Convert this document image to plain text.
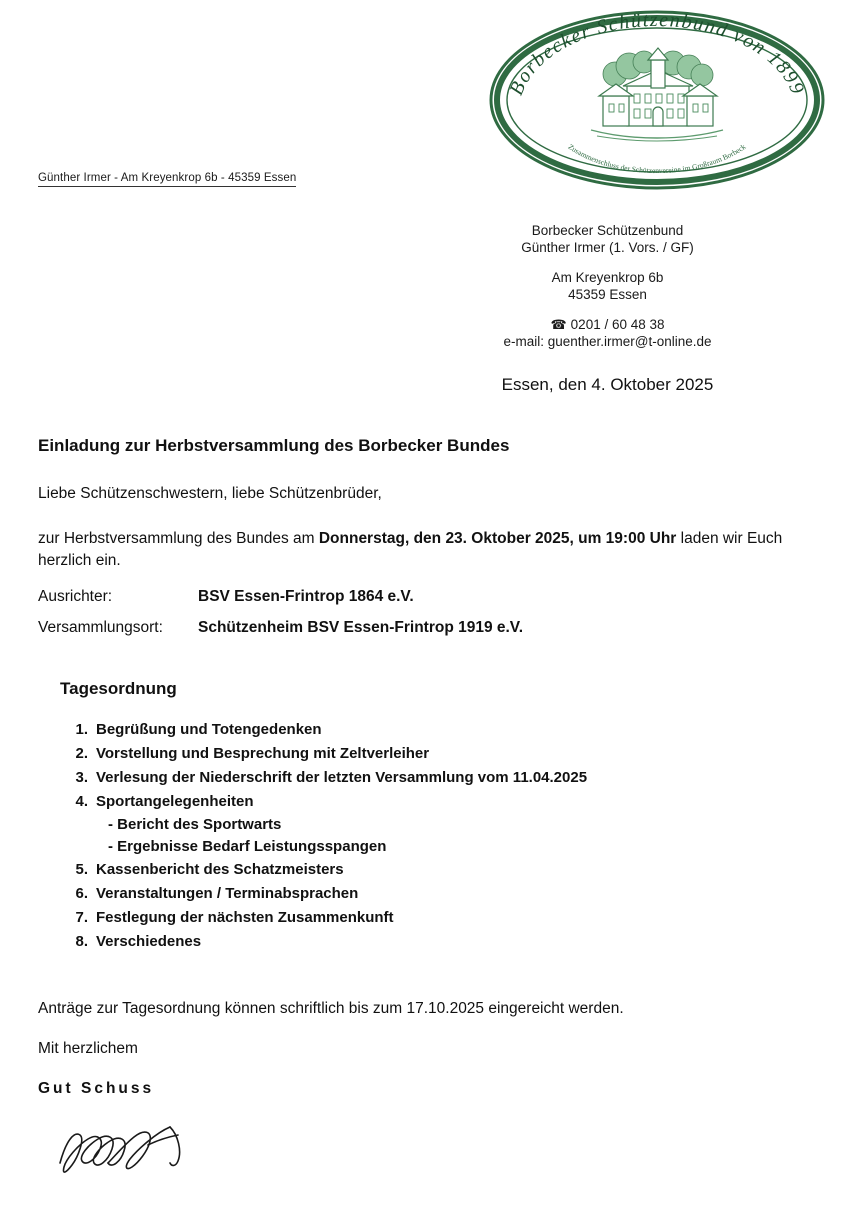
Borbecker Schützenbund von 1899
Zusammenschluss der Schützenvereine im Großraum Borbeck
Günther Irmer - Am Kreyenkrop 6b - 45359 Essen
Borbecker Schützenbund
Günther Irmer (1. Vors. / GF)
Am Kreyenkrop 6b
45359 Essen
☎ 0201 / 60 48 38
e-mail: guenther.irmer@t-online.de
Essen, den 4. Oktober 2025
Einladung zur Herbstversammlung des Borbecker Bundes
Liebe Schützenschwestern, liebe Schützenbrüder,
zur Herbstversammlung des Bundes am Donnerstag, den 23. Oktober 2025, um 19:00 Uhr laden wir Euch herzlich ein.
Ausrichter:	BSV Essen-Frintrop 1864 e.V.
Versammlungsort: Schützenheim BSV Essen-Frintrop 1919 e.V.
Tagesordnung
1. Begrüßung und Totengedenken
2. Vorstellung und Besprechung mit Zeltverleiher
3. Verlesung der Niederschrift der letzten Versammlung vom 11.04.2025
4. Sportangelegenheiten
- Bericht des Sportwarts
- Ergebnisse Bedarf Leistungsspangen
5. Kassenbericht des Schatzmeisters
6. Veranstaltungen / Terminabsprachen
7. Festlegung der nächsten Zusammenkunft
8. Verschiedenes
Anträge zur Tagesordnung können schriftlich bis zum 17.10.2025 eingereicht werden.
Mit herzlichem
Gut Schuss
